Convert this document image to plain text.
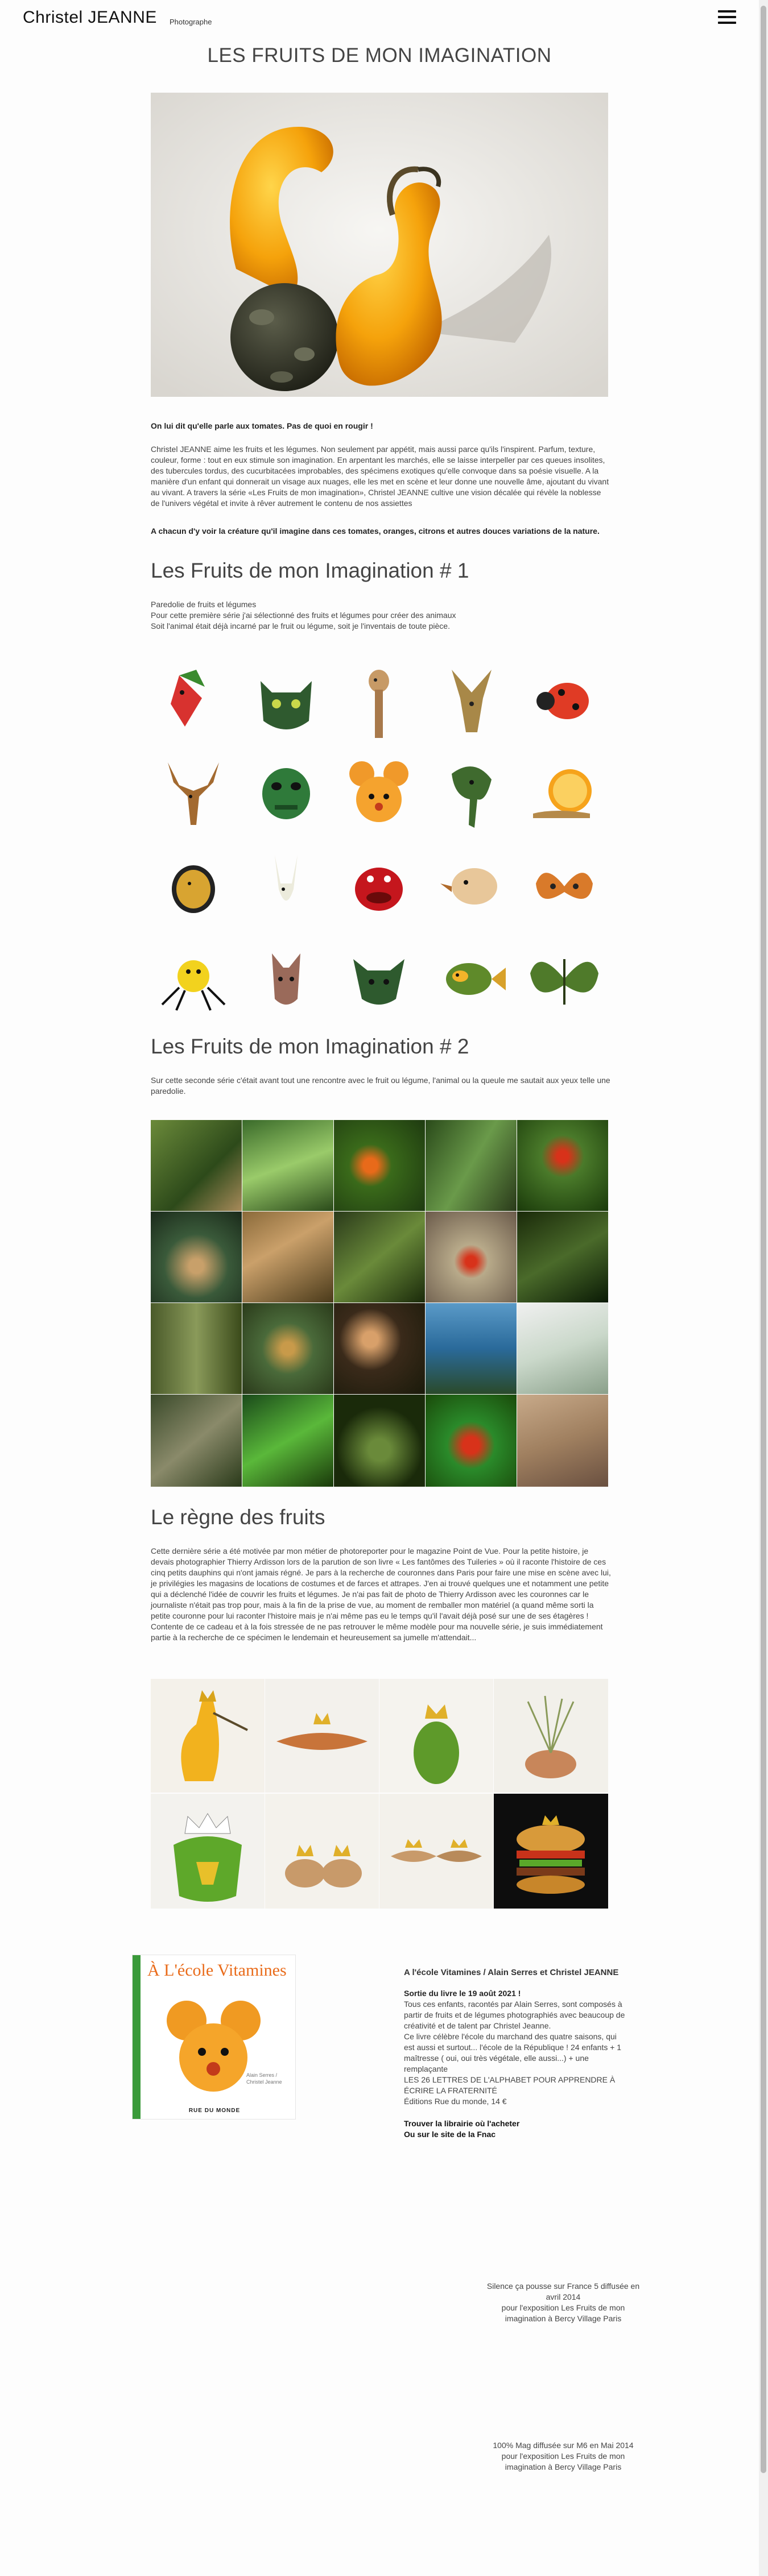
Christel JEANNE Photographe
LES FRUITS DE MON IMAGINATION
On lui dit qu'elle parle aux tomates. Pas de quoi en rougir !
Christel JEANNE aime les fruits et les légumes. Non seulement par appétit, mais aussi parce qu'ils l'inspirent. Parfum, texture, couleur, forme : tout en eux stimule son imagination. En arpentant les marchés, elle se laisse interpeller par ces queues insolites, des tubercules tordus, des cucurbitacées improbables, des spécimens exotiques qu'elle convoque dans sa poésie visuelle. A la manière d'un enfant qui donnerait un visage aux nuages, elle les met en scène et leur donne une nouvelle âme, ajoutant du vivant au vivant. A travers la série «Les Fruits de mon imagination», Christel JEANNE cultive une vision décalée qui révèle la noblesse de l'univers végétal et invite à rêver autrement le contenu de nos assiettes
A chacun d'y voir la créature qu'il imagine dans ces tomates, oranges, citrons et autres douces variations de la nature.
Les Fruits de mon Imagination # 1
Paredolie de fruits et légumes
Pour cette première série j'ai sélectionné des fruits et légumes pour créer des animaux
Soit l'animal était déjà incarné par le fruit ou légume, soit je l'inventais de toute pièce.
Les Fruits de mon Imagination # 2
Sur cette seconde série c'était avant tout une rencontre avec le fruit ou légume, l'animal ou la queule me sautait aux yeux telle une paredolie.
Le règne des fruits
Cette dernière série a été motivée par mon métier de photoreporter pour le magazine Point de Vue. Pour la petite histoire, je devais photographier Thierry Ardisson lors de la parution de son livre « Les fantômes des Tuileries » où il raconte l'histoire de ces cinq petits dauphins qui n'ont jamais régné. Je pars à la recherche de couronnes dans Paris pour faire une mise en scène avec lui, je privilégies les magasins de locations de costumes et de farces et attrapes. J'en ai trouvé quelques une et notamment une petite qui a déclenché l'idée de couvrir les fruits et légumes. Je n'ai pas fait de photo de Thierry Ardisson avec les couronnes car le journaliste n'était pas trop pour, mais à la fin de la prise de vue, au moment de remballer mon matériel (a quand même sorti la petite couronne pour lui raconter l'histoire mais je n'ai même pas eu le temps qu'il l'avait déjà posé sur une de ses étagères ! Contente de ce cadeau et à la fois stressée de ne pas retrouver le même modèle pour ma nouvelle série, je suis immédiatement partie à la recherche de ce spécimen le lendemain et heureusement sa jumelle m'attendait...
À L'école Vitamines
Alain Serres / Christel Jeanne
RUE DU MONDE
A l'école Vitamines / Alain Serres et Christel JEANNE

Sortie du livre le 19 août 2021 !

Tous ces enfants, racontés par Alain Serres, sont composés à partir de fruits et de légumes photographiés avec beaucoup de créativité et de talent par Christel Jeanne.

Ce livre célèbre l'école du marchand des quatre saisons, qui est aussi et surtout... l'école de la République ! 24 enfants + 1 maîtresse ( oui, oui très végétale, elle aussi...) + une remplaçante

LES 26 LETTRES DE L'ALPHABET POUR APPRENDRE À ÉCRIRE LA FRATERNITÉ

Éditions Rue du monde, 14 €

Trouver la librairie où l'acheter

Ou sur le site de la Fnac

Silence ça pousse sur France 5 diffusée en
avril 2014
pour l'exposition Les Fruits de mon
imagination à Bercy Village Paris
100% Mag diffusée sur M6 en Mai 2014
pour l'exposition Les Fruits de mon
imagination à Bercy Village Paris
